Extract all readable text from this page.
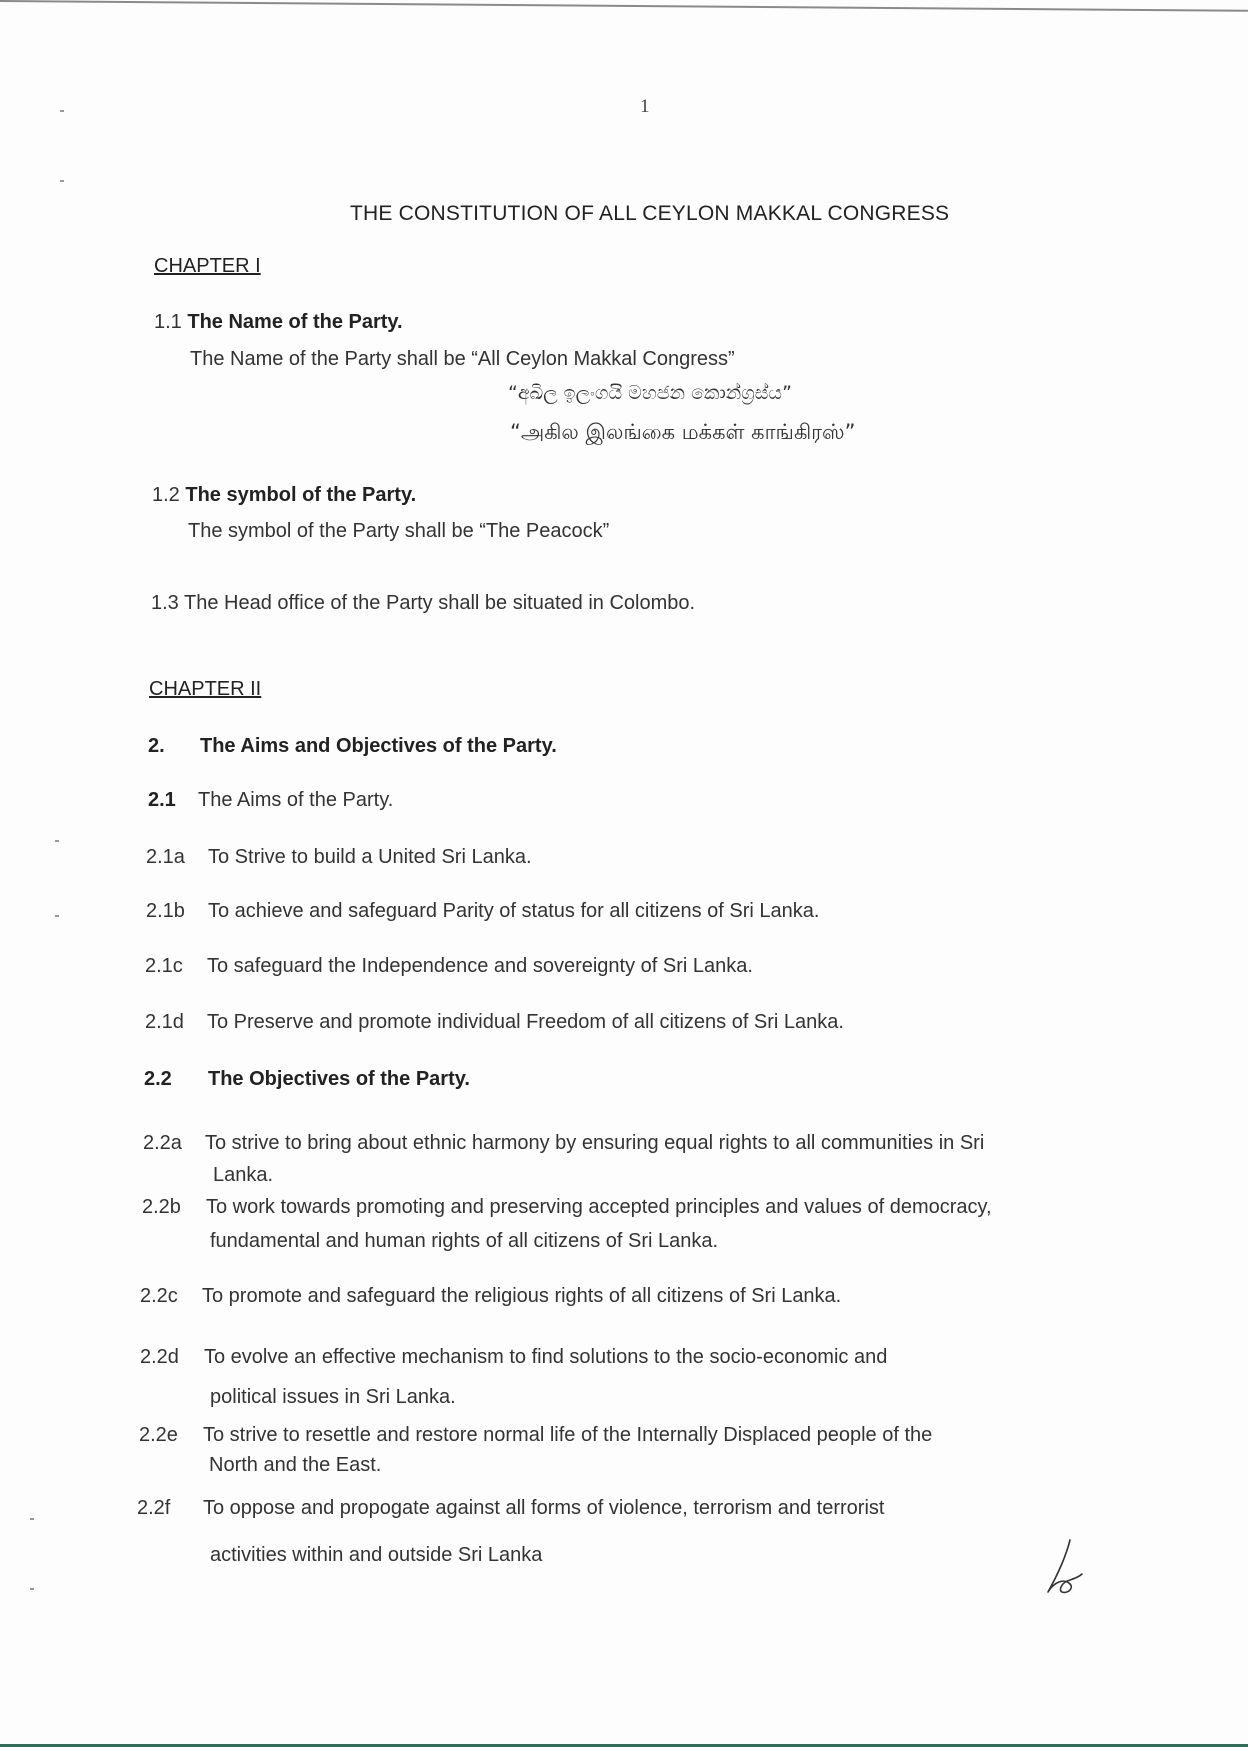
1
THE CONSTITUTION OF ALL CEYLON MAKKAL CONGRESS
CHAPTER I
1.1 The Name of the Party.
The Name of the Party shall be “All Ceylon Makkal Congress”
“අඛිල ඉලංගයි මහජන කොන්ග්‍රස්ය”
“அகில இலங்கை மக்கள் காங்கிரஸ்”
1.2 The symbol of the Party.
The symbol of the Party shall be “The Peacock”
1.3 The Head office of the Party shall be situated in Colombo.
CHAPTER II
2. The Aims and Objectives of the Party.
2.1 The Aims of the Party.
2.1a To Strive to build a United Sri Lanka.
2.1b To achieve and safeguard Parity of status for all citizens of Sri Lanka.
2.1c To safeguard the Independence and sovereignty of Sri Lanka.
2.1d To Preserve and promote individual Freedom of all citizens of Sri Lanka.
2.2 The Objectives of the Party.
2.2a To strive to bring about ethnic harmony by ensuring equal rights to all communities in Sri
Lanka.
2.2b To work towards promoting and preserving accepted principles and values of democracy,
fundamental and human rights of all citizens of Sri Lanka.
2.2c To promote and safeguard the religious rights of all citizens of Sri Lanka.
2.2d To evolve an effective mechanism to find solutions to the socio-economic and
political issues in Sri Lanka.
2.2e To strive to resettle and restore normal life of the Internally Displaced people of the
North and the East.
2.2f To oppose and propogate against all forms of violence, terrorism and terrorist
activities within and outside Sri Lanka
